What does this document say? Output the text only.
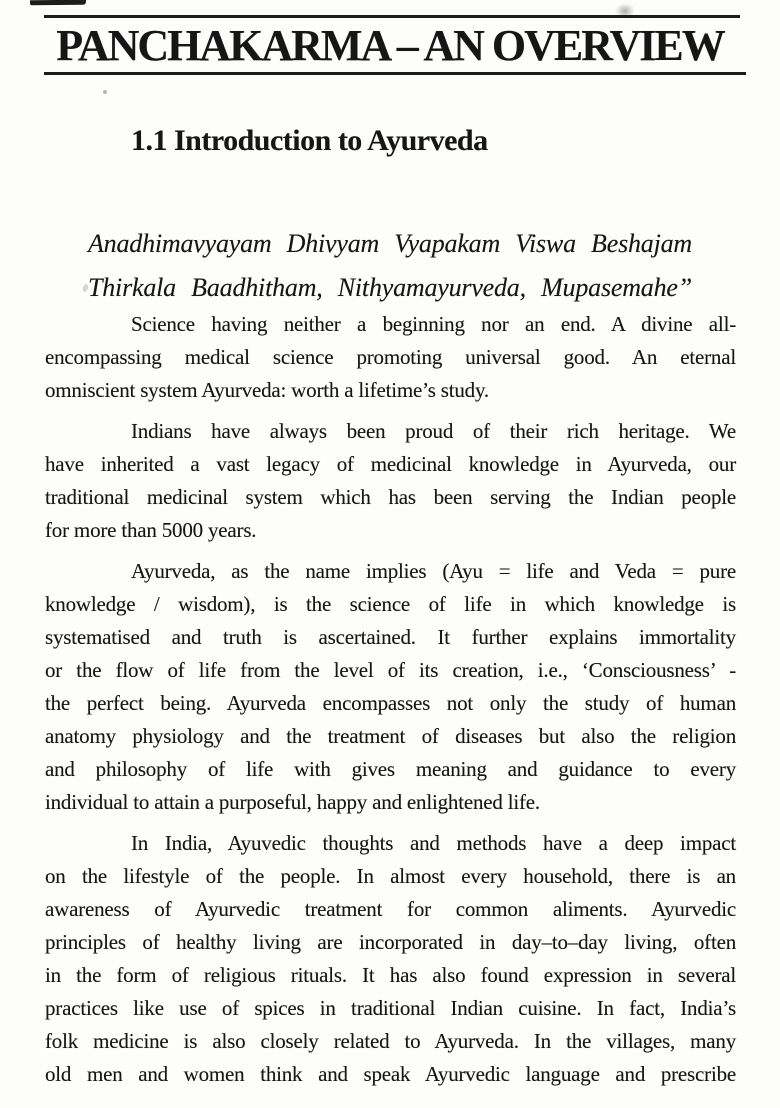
PANCHAKARMA – AN OVERVIEW
1.1 Introduction to Ayurveda
Anadhimavyayam Dhivyam Vyapakam Viswa Beshajam
Thirkala Baadhitham, Nithyamayurveda, Mupasemahe”
Science having neither a beginning nor an end. A divine all-
encompassing medical science promoting universal good. An eternal
omniscient system Ayurveda: worth a lifetime’s study.
Indians have always been proud of their rich heritage. We
have inherited a vast legacy of medicinal knowledge in Ayurveda, our
traditional medicinal system which has been serving the Indian people
for more than 5000 years.
Ayurveda, as the name implies (Ayu = life and Veda = pure
knowledge / wisdom), is the science of life in which knowledge is
systematised and truth is ascertained. It further explains immortality
or the flow of life from the level of its creation, i.e., ‘Consciousness’ -
the perfect being. Ayurveda encompasses not only the study of human
anatomy physiology and the treatment of diseases but also the religion
and philosophy of life with gives meaning and guidance to every
individual to attain a purposeful, happy and enlightened life.
In India, Ayuvedic thoughts and methods have a deep impact
on the lifestyle of the people. In almost every household, there is an
awareness of Ayurvedic treatment for common aliments. Ayurvedic
principles of healthy living are incorporated in day–to–day living, often
in the form of religious rituals. It has also found expression in several
practices like use of spices in traditional Indian cuisine. In fact, India’s
folk medicine is also closely related to Ayurveda. In the villages, many
old men and women think and speak Ayurvedic language and prescribe
